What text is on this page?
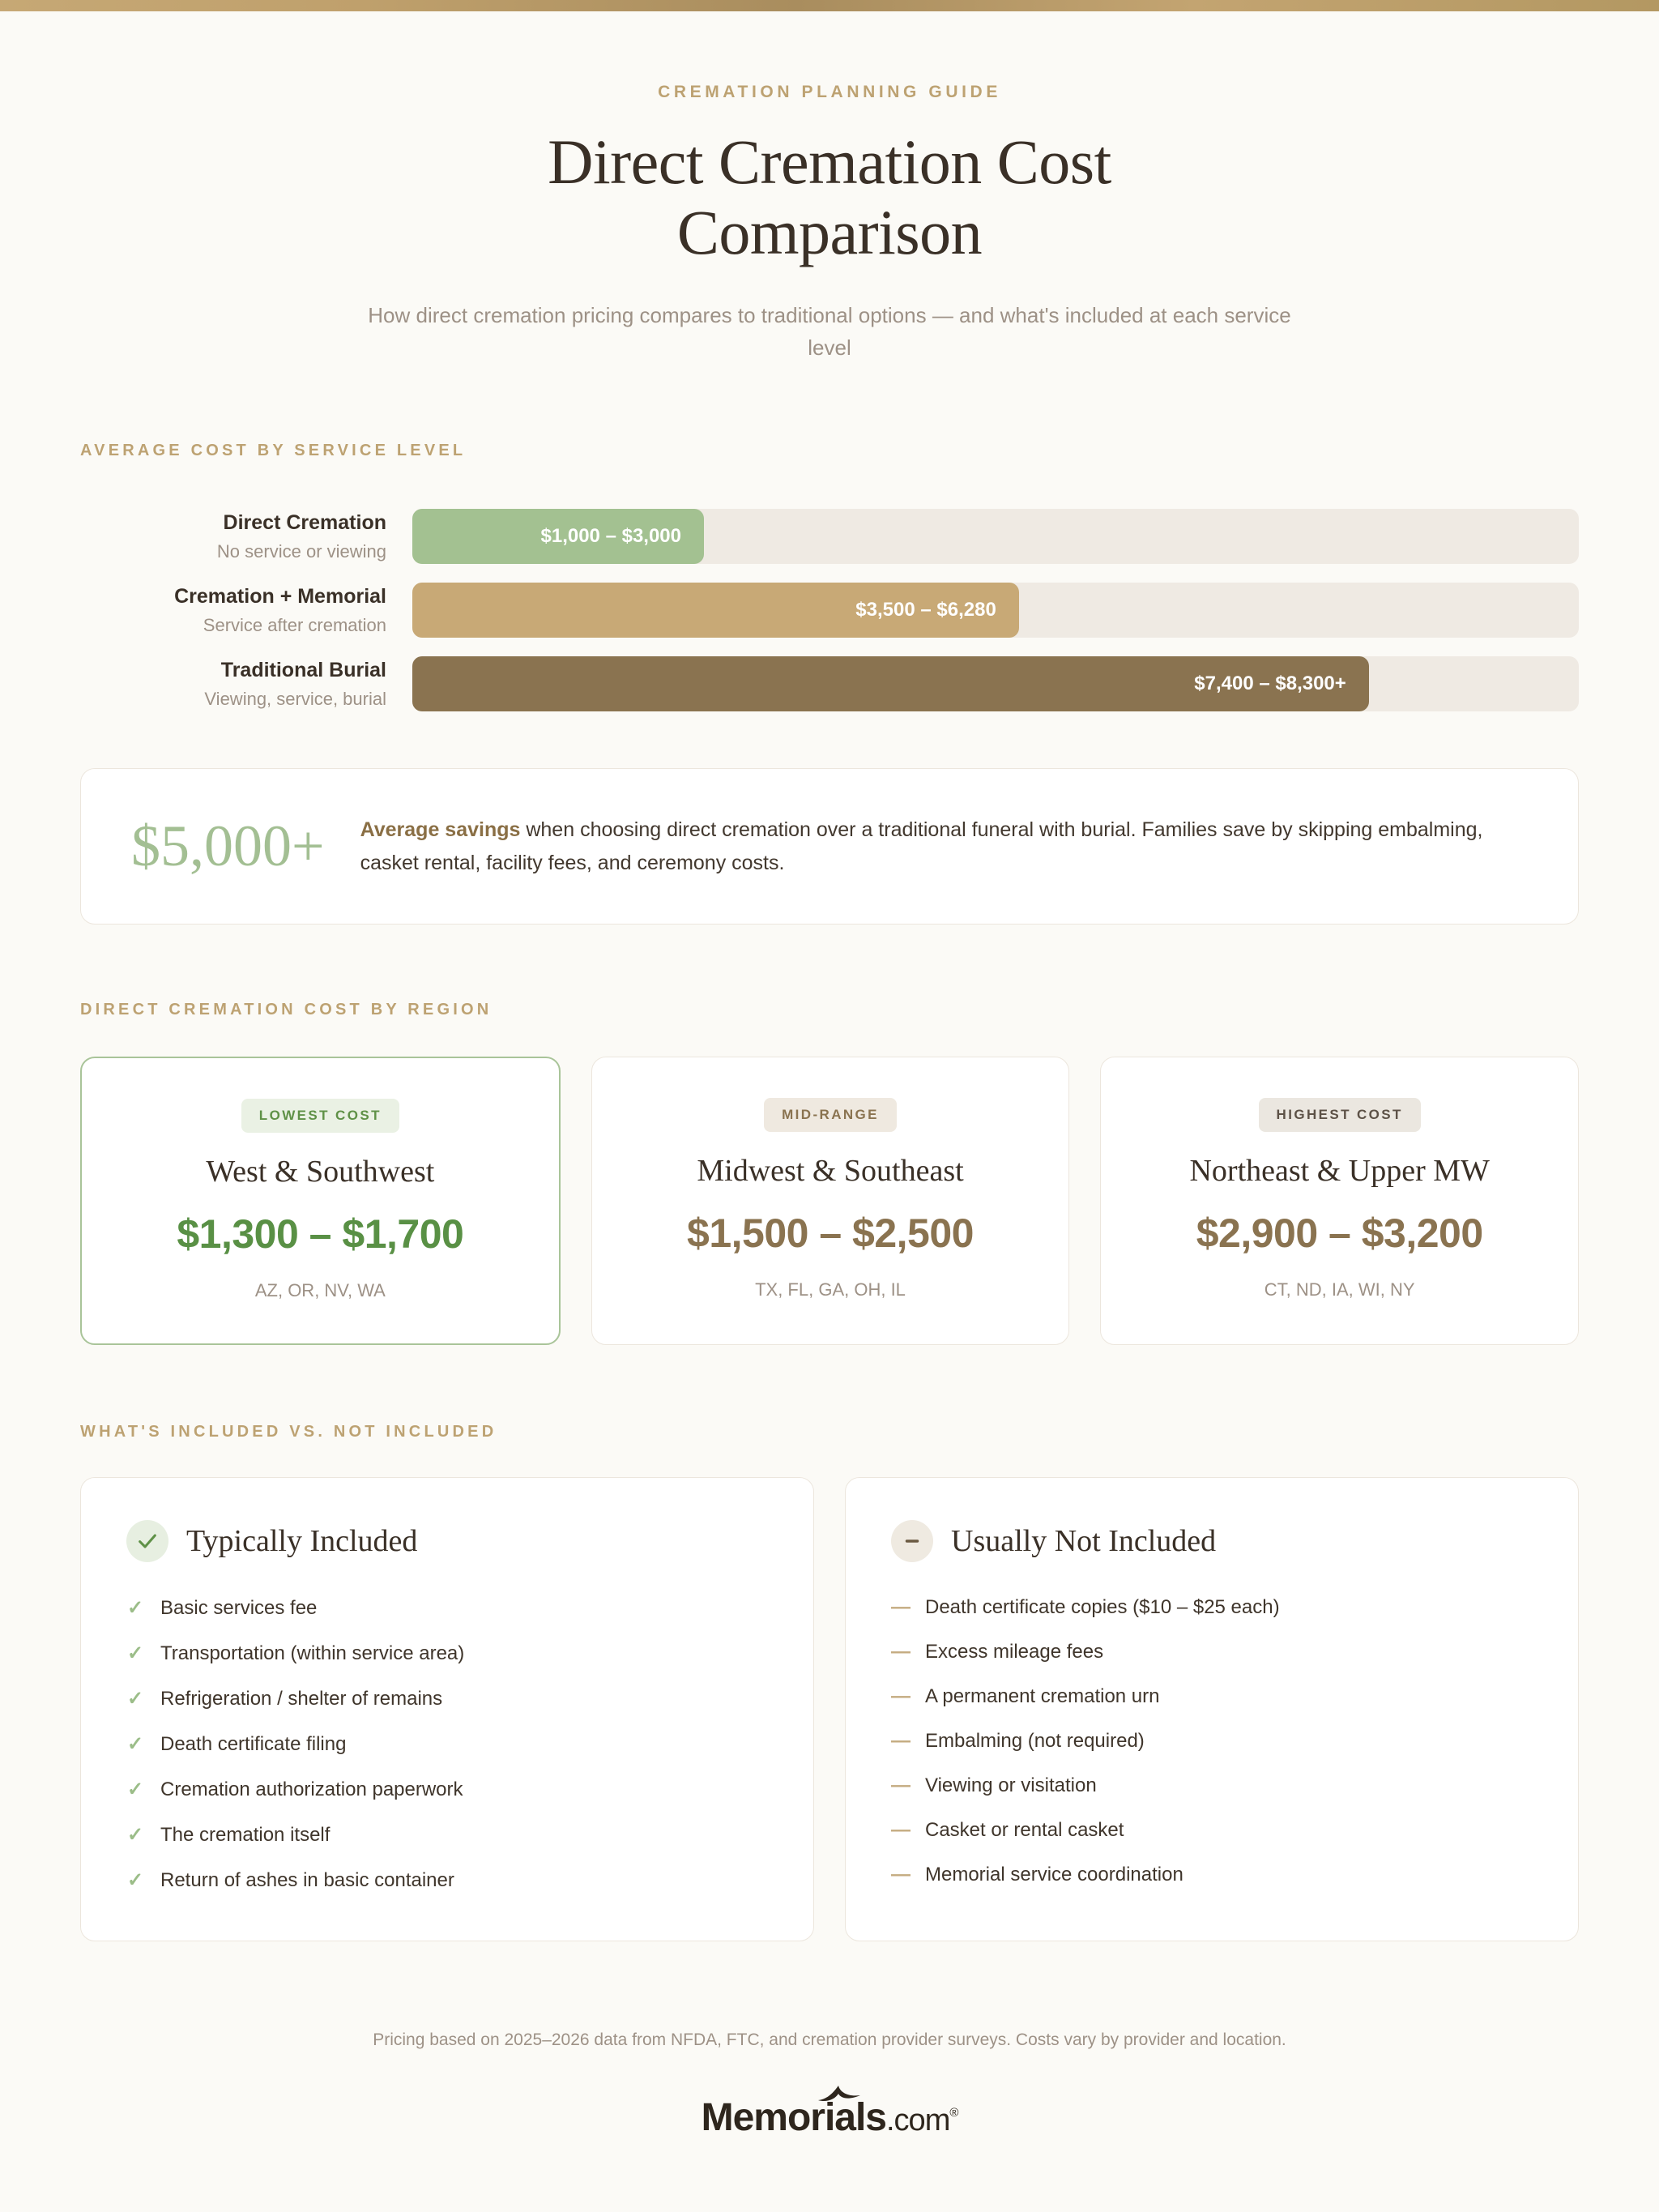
CREMATION PLANNING GUIDE
Direct Cremation Cost
Comparison
How direct cremation pricing compares to traditional options — and what's included at each service level
AVERAGE COST BY SERVICE LEVEL
Direct Cremation
No service or viewing
$1,000 – $3,000
Cremation + Memorial
Service after cremation
$3,500 – $6,280
Traditional Burial
Viewing, service, burial
$7,400 – $8,300+
$5,000+ Average savings when choosing direct cremation over a traditional funeral with burial. Families save by skipping embalming, casket rental, facility fees, and ceremony costs.
DIRECT CREMATION COST BY REGION
LOWEST COST
West & Southwest
$1,300 – $1,700
AZ, OR, NV, WA
MID-RANGE
Midwest & Southeast
$1,500 – $2,500
TX, FL, GA, OH, IL
HIGHEST COST
Northeast & Upper MW
$2,900 – $3,200
CT, ND, IA, WI, NY
WHAT'S INCLUDED VS. NOT INCLUDED
Typically Included
✓ Basic services fee
✓ Transportation (within service area)
✓ Refrigeration / shelter of remains
✓ Death certificate filing
✓ Cremation authorization paperwork
✓ The cremation itself
✓ Return of ashes in basic container
Usually Not Included
— Death certificate copies ($10 – $25 each)
— Excess mileage fees
— A permanent cremation urn
— Embalming (not required)
— Viewing or visitation
— Casket or rental casket
— Memorial service coordination
Pricing based on 2025–2026 data from NFDA, FTC, and cremation provider surveys. Costs vary by provider and location.
Memorials.com®
